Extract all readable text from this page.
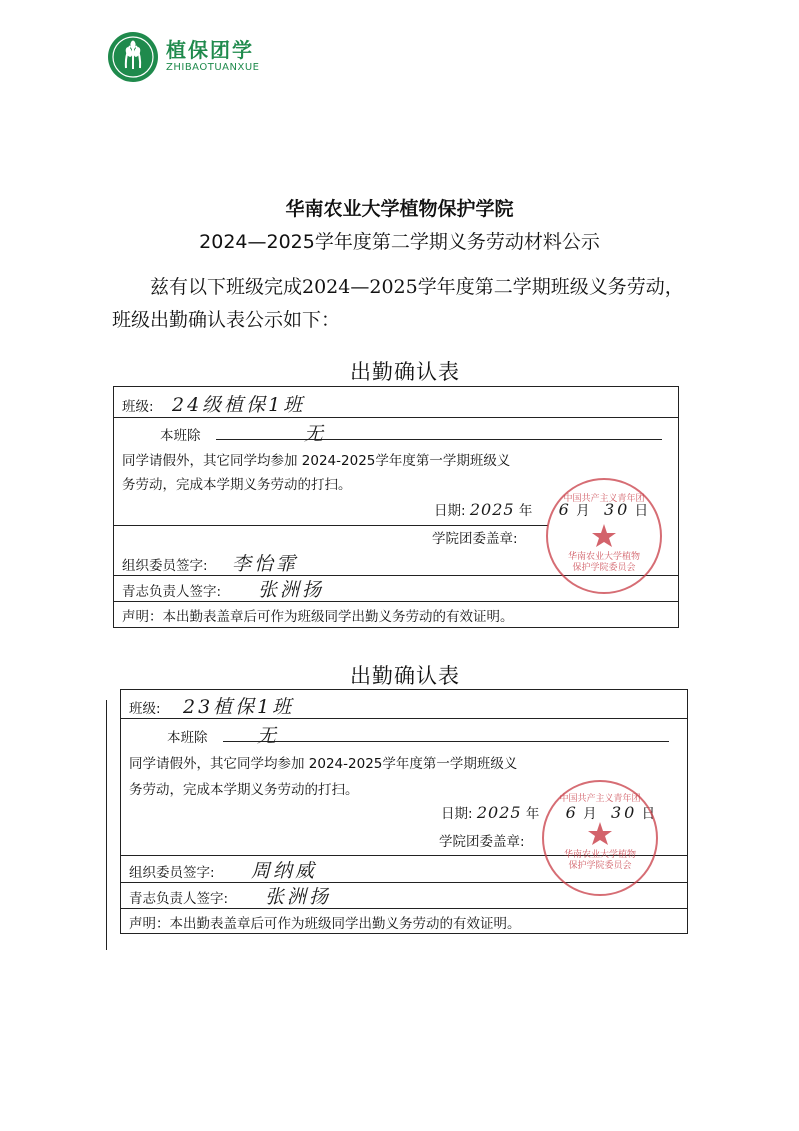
植保团学
ZHIBAOTUANXUE
华南农业大学植物保护学院
2024—2025学年度第二学期义务劳动材料公示
兹有以下班级完成2024—2025学年度第二学期班级义务劳动，班级出勤确认表公示如下：
出勤确认表
班级: 24级植保1班
本班除	无
同学请假外，其它同学均参加 2024-2025学年度第一学期班级义
务劳动，完成本学期义务劳动的打扫。
日期: 2025 年 6 月 30 日
学院团委盖章:
组织委员签字: 李怡霏
青志负责人签字: 张洲扬
声明：本出勤表盖章后可作为班级同学出勤义务劳动的有效证明。
中国共产主义青年团
华南农业大学植物保护学院委员会
出勤确认表
班级: 23植保1班
本班除	无
同学请假外，其它同学均参加 2024-2025学年度第一学期班级义
务劳动，完成本学期义务劳动的打扫。
日期: 2025 年 6 月 30 日
学院团委盖章:
组织委员签字: 周纳威
青志负责人签字: 张洲扬
声明：本出勤表盖章后可作为班级同学出勤义务劳动的有效证明。
中国共产主义青年团
华南农业大学植物保护学院委员会
